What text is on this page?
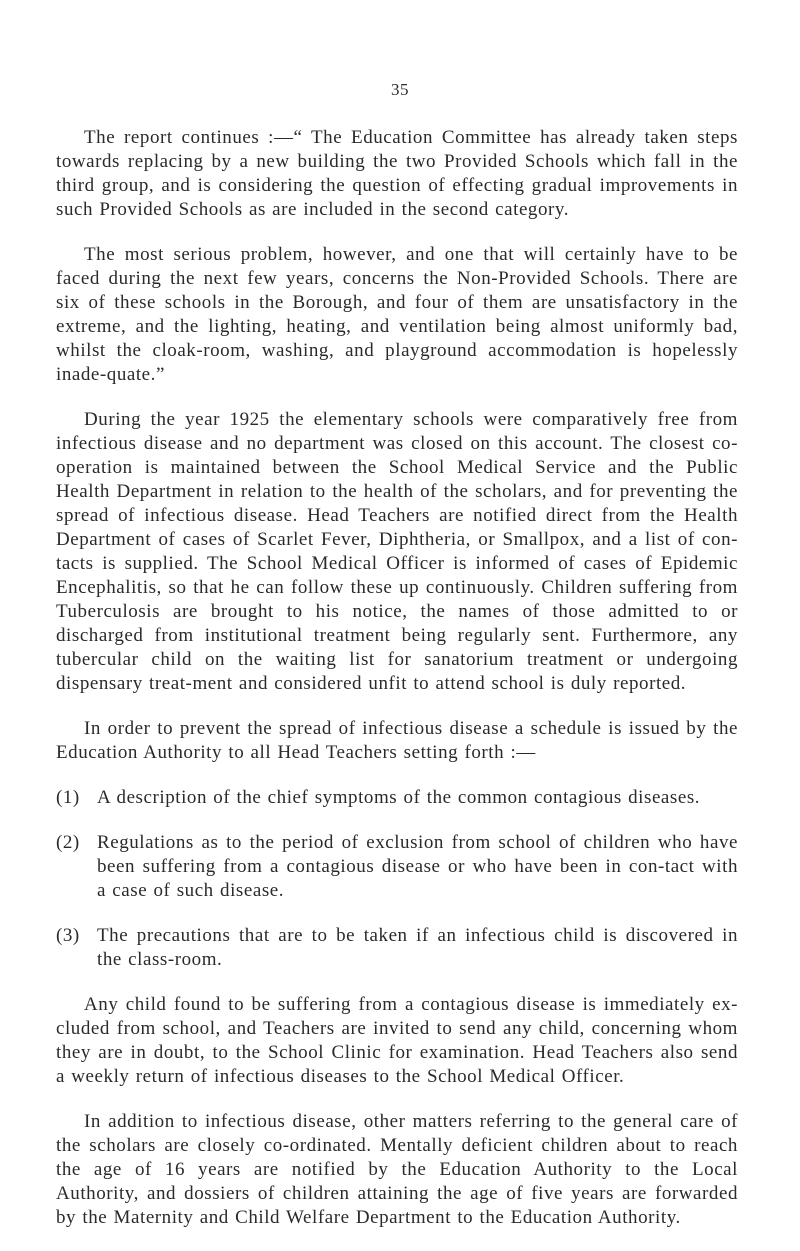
35

The report continues :—“ The Education Committee has already taken steps towards replacing by a new building the two Provided Schools which fall in the third group, and is considering the question of effecting gradual improvements in such Provided Schools as are included in the second category.

The most serious problem, however, and one that will certainly have to be faced during the next few years, concerns the Non-Provided Schools. There are six of these schools in the Borough, and four of them are unsatisfactory in the extreme, and the lighting, heating, and ventilation being almost uniformly bad, whilst the cloak-room, washing, and playground accommodation is hopelessly inade-quate.”

During the year 1925 the elementary schools were comparatively free from infectious disease and no department was closed on this account. The closest co-operation is maintained between the School Medical Service and the Public Health Department in relation to the health of the scholars, and for preventing the spread of infectious disease. Head Teachers are notified direct from the Health Department of cases of Scarlet Fever, Diphtheria, or Smallpox, and a list of con-tacts is supplied. The School Medical Officer is informed of cases of Epidemic Encephalitis, so that he can follow these up continuously. Children suffering from Tuberculosis are brought to his notice, the names of those admitted to or discharged from institutional treatment being regularly sent. Furthermore, any tubercular child on the waiting list for sanatorium treatment or undergoing dispensary treat-ment and considered unfit to attend school is duly reported.

In order to prevent the spread of infectious disease a schedule is issued by the Education Authority to all Head Teachers setting forth :—

(1) A description of the chief symptoms of the common contagious diseases.
(2) Regulations as to the period of exclusion from school of children who have been suffering from a contagious disease or who have been in con-tact with a case of such disease.
(3) The precautions that are to be taken if an infectious child is discovered in the class-room.

Any child found to be suffering from a contagious disease is immediately ex-cluded from school, and Teachers are invited to send any child, concerning whom they are in doubt, to the School Clinic for examination. Head Teachers also send a weekly return of infectious diseases to the School Medical Officer.

In addition to infectious disease, other matters referring to the general care of the scholars are closely co-ordinated. Mentally deficient children about to reach the age of 16 years are notified by the Education Authority to the Local Authority, and dossiers of children attaining the age of five years are forwarded by the Maternity and Child Welfare Department to the Education Authority.
